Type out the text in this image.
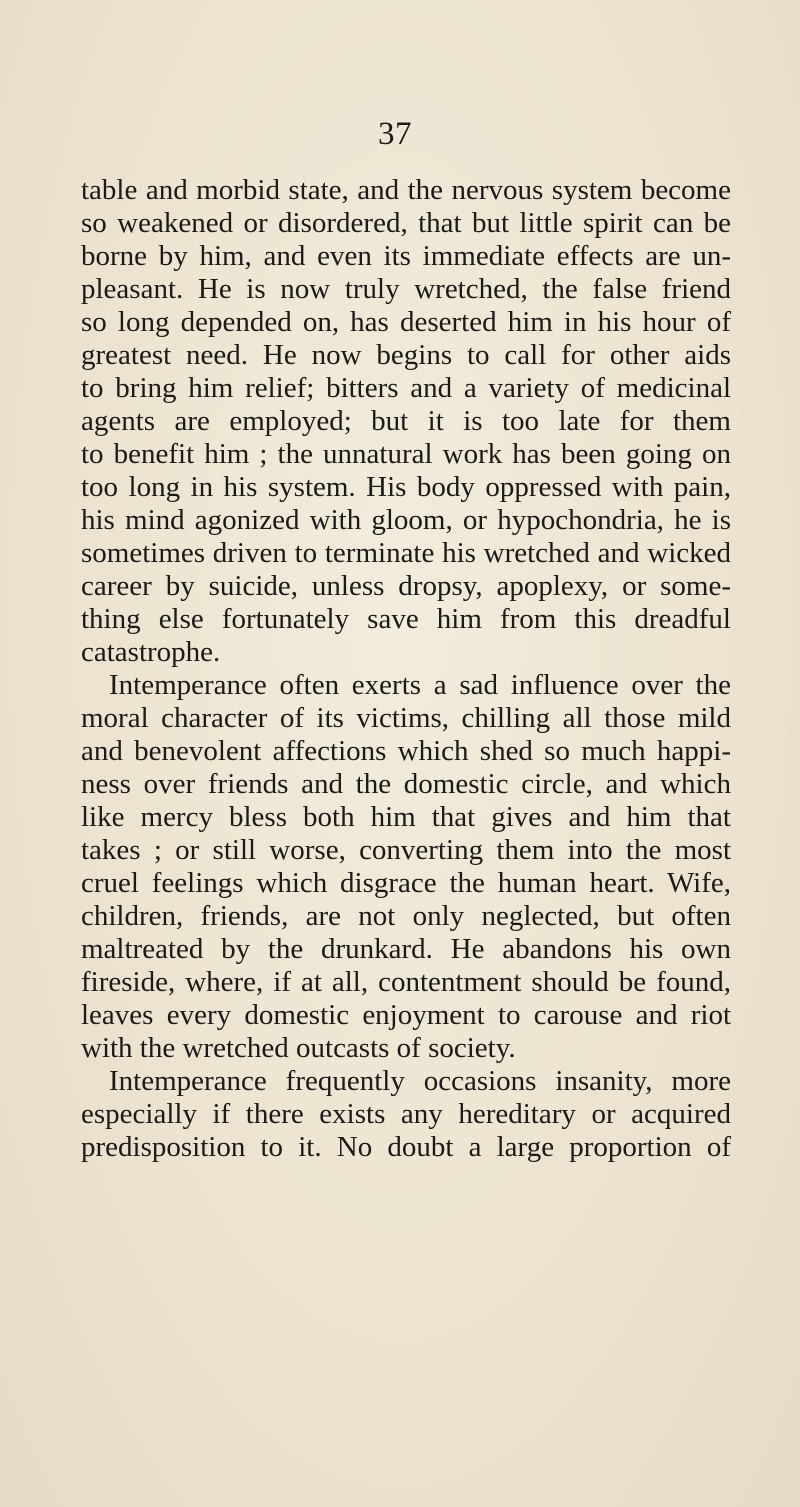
37
table and morbid state, and the nervous system become
so weakened or disordered, that but little spirit can be
borne by him, and even its immediate effects are un-
pleasant. He is now truly wretched, the false friend
so long depended on, has deserted him in his hour of
greatest need. He now begins to call for other aids
to bring him relief; bitters and a variety of medicinal
agents are employed; but it is too late for them
to benefit him ; the unnatural work has been going on
too long in his system. His body oppressed with pain,
his mind agonized with gloom, or hypochondria, he is
sometimes driven to terminate his wretched and wicked
career by suicide, unless dropsy, apoplexy, or some-
thing else fortunately save him from this dreadful
catastrophe.
Intemperance often exerts a sad influence over the
moral character of its victims, chilling all those mild
and benevolent affections which shed so much happi-
ness over friends and the domestic circle, and which
like mercy bless both him that gives and him that
takes ; or still worse, converting them into the most
cruel feelings which disgrace the human heart. Wife,
children, friends, are not only neglected, but often
maltreated by the drunkard. He abandons his own
fireside, where, if at all, contentment should be found,
leaves every domestic enjoyment to carouse and riot
with the wretched outcasts of society.
Intemperance frequently occasions insanity, more
especially if there exists any hereditary or acquired
predisposition to it. No doubt a large proportion of
